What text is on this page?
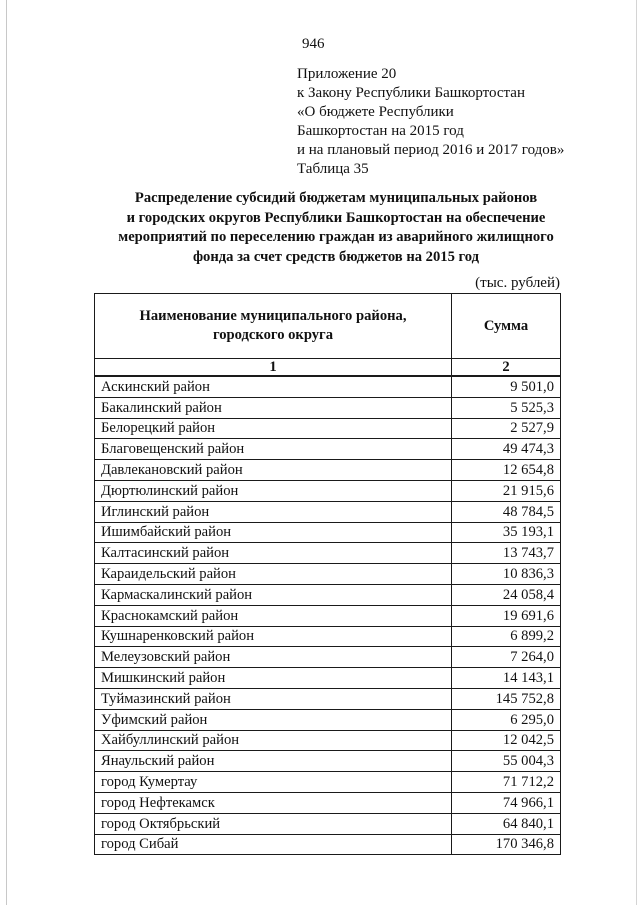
946
Приложение 20
к Закону Республики Башкортостан
«О бюджете Республики
Башкортостан на 2015 год
и на плановый период 2016 и 2017 годов»
Таблица 35
Распределение субсидий бюджетам муниципальных районов
и городских округов Республики Башкортостан на обеспечение
мероприятий по переселению граждан из аварийного жилищного
фонда за счет средств бюджетов на 2015 год
(тыс. рублей)
Наименование муниципального района,
городского округа	Сумма
1	2
Аскинский район	9 501,0
Бакалинский район	5 525,3
Белорецкий район	2 527,9
Благовещенский район	49 474,3
Давлекановский район	12 654,8
Дюртюлинский район	21 915,6
Иглинский район	48 784,5
Ишимбайский район	35 193,1
Калтасинский район	13 743,7
Караидельский район	10 836,3
Кармаскалинский район	24 058,4
Краснокамский район	19 691,6
Кушнаренковский район	6 899,2
Мелеузовский район	7 264,0
Мишкинский район	14 143,1
Туймазинский район	145 752,8
Уфимский район	6 295,0
Хайбуллинский район	12 042,5
Янаульский район	55 004,3
город Кумертау	71 712,2
город Нефтекамск	74 966,1
город Октябрьский	64 840,1
город Сибай	170 346,8
